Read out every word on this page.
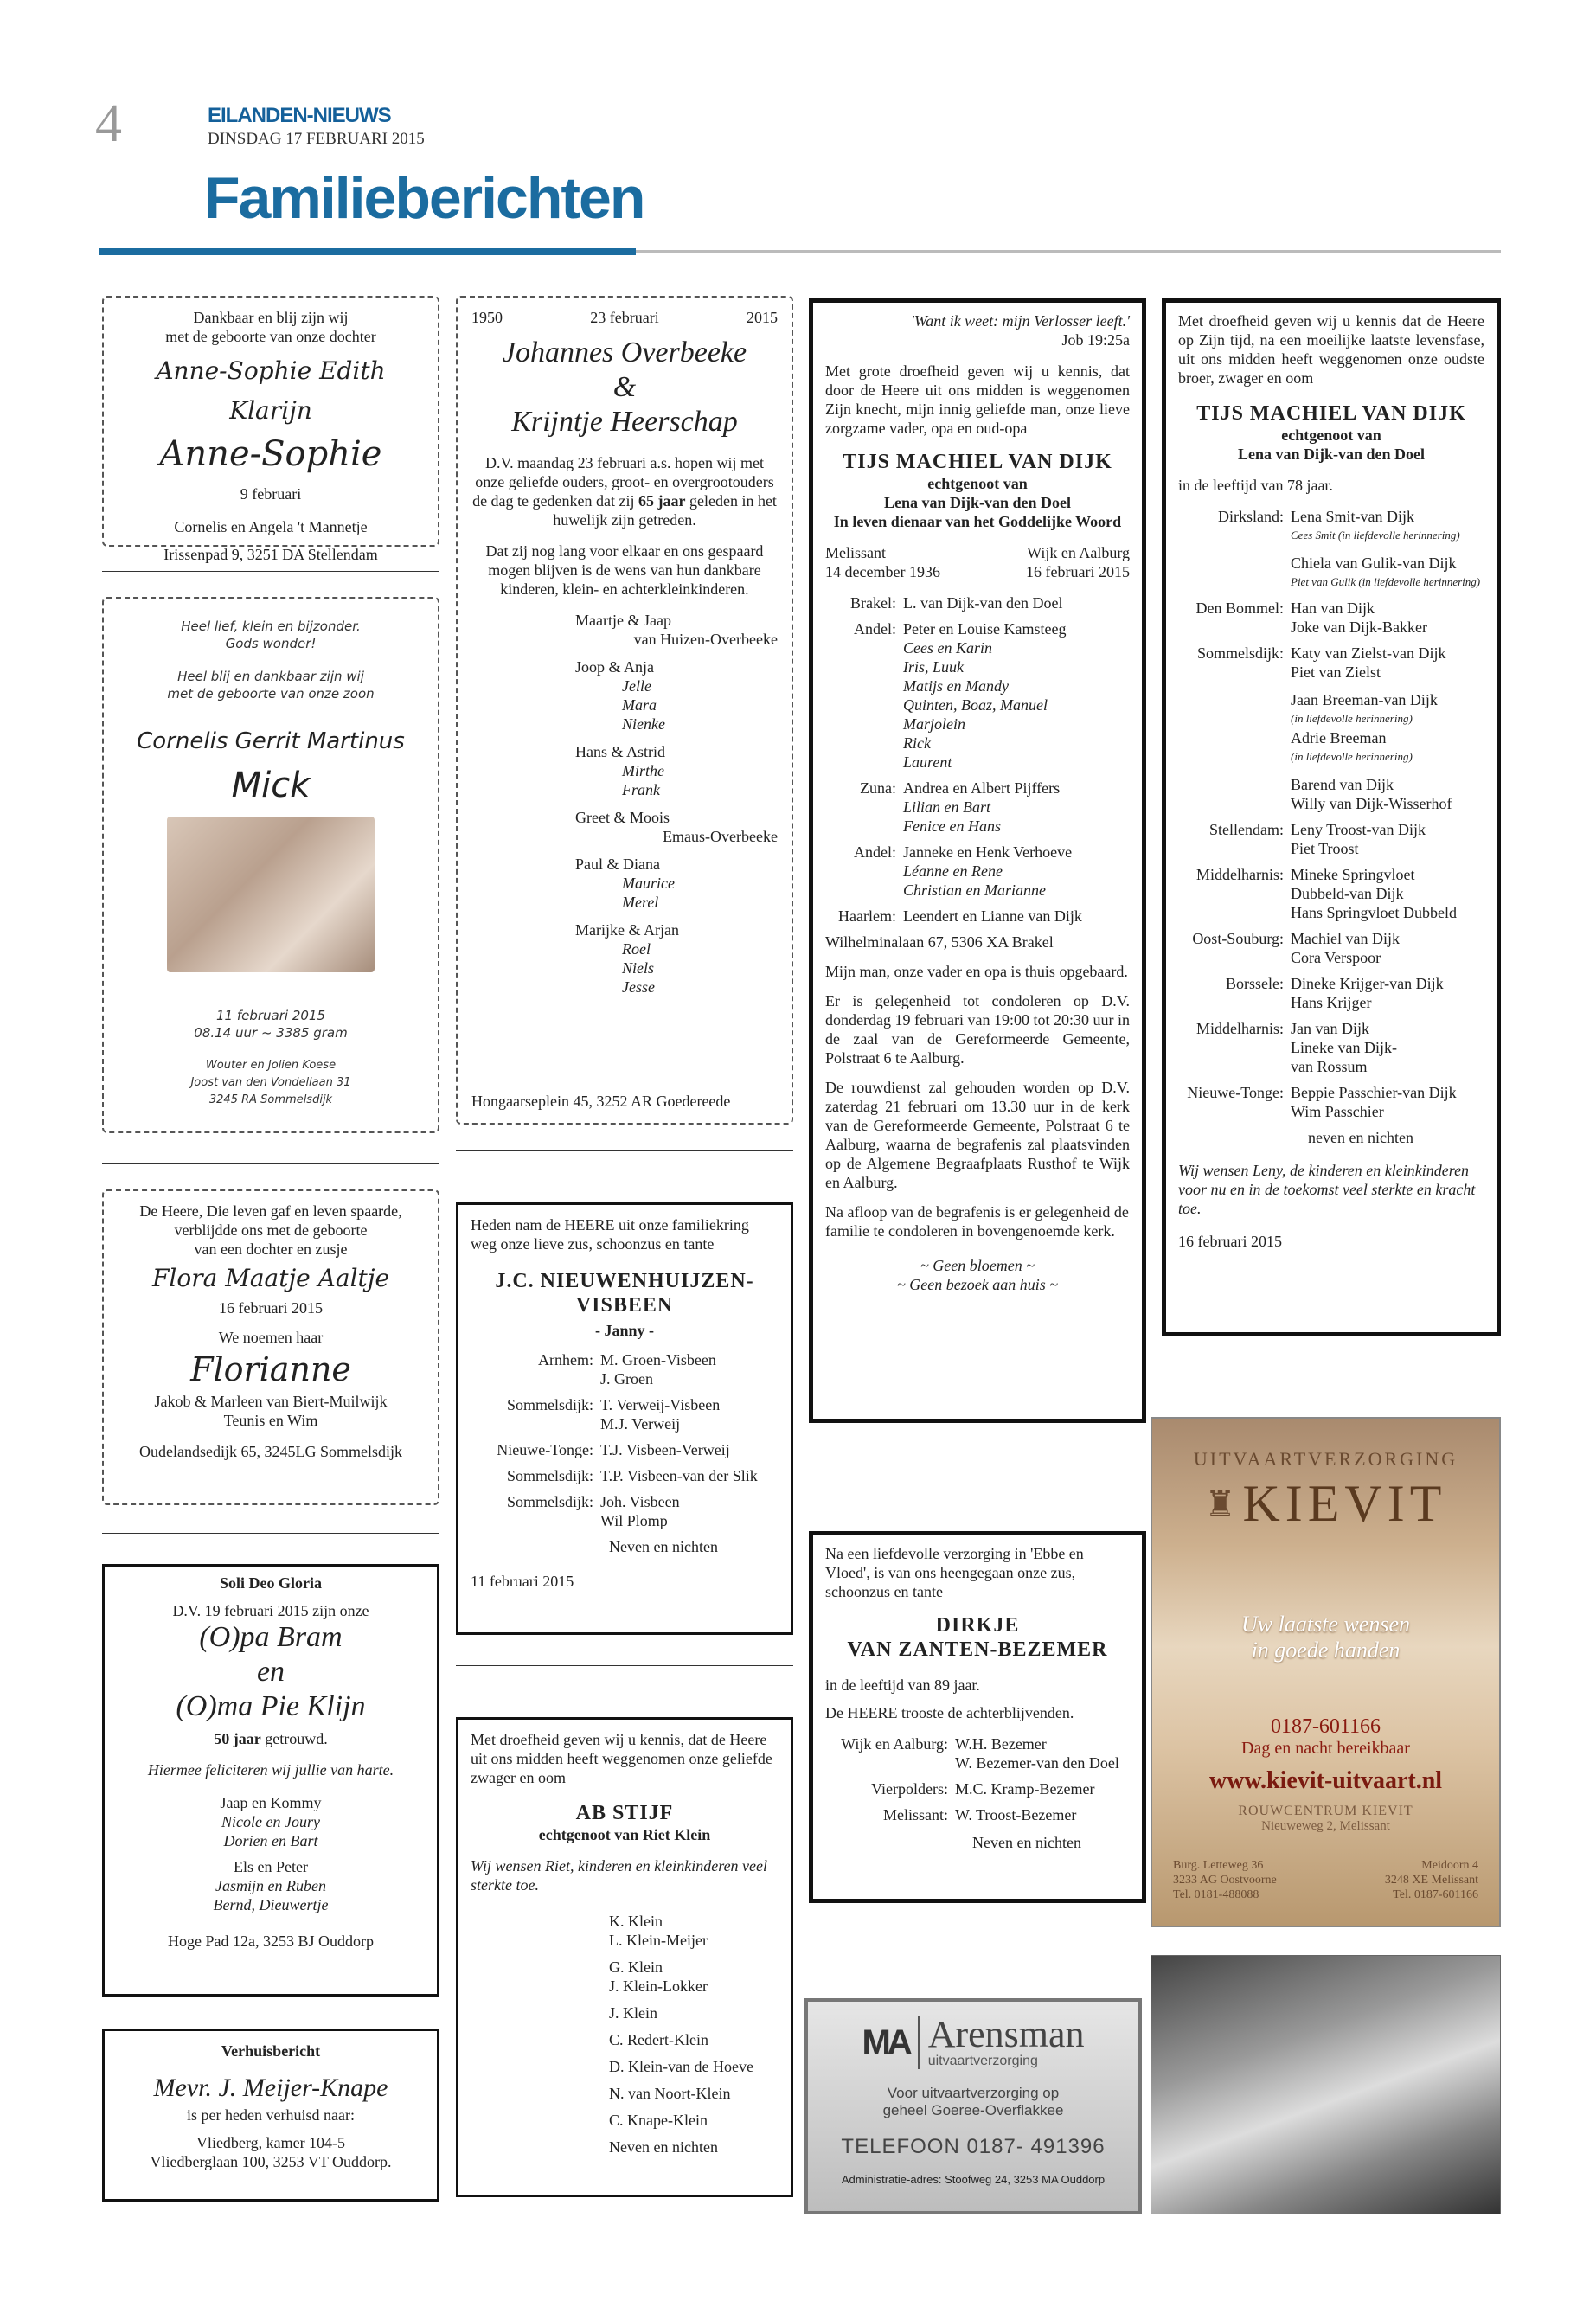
4	EILANDEN-NIEUWS
DINSDAG 17 FEBRUARI 2015
Familieberichten
Dankbaar en blij zijn wij
met de geboorte van onze dochter
Anne-Sophie Edith Klarijn
Anne-Sophie
9 februari
Cornelis en Angela 't Mannetje
Irissenpad 9, 3251 DA Stellendam
Heel lief, klein en bijzonder.
Gods wonder!
Heel blij en dankbaar zijn wij
met de geboorte van onze zoon
Cornelis Gerrit Martinus
Mick
11 februari 2015
08.14 uur ~ 3385 gram
Wouter en Jolien Koese
Joost van den Vondellaan 31
3245 RA Sommelsdijk
De Heere, Die leven gaf en leven spaarde,
verblijdde ons met de geboorte
van een dochter en zusje
Flora Maatje Aaltje
16 februari 2015
We noemen haar
Florianne
Jakob & Marleen van Biert-Muilwijk
Teunis en Wim
Oudelandsedijk 65, 3245LG Sommelsdijk
Soli Deo Gloria
D.V. 19 februari 2015 zijn onze
(O)pa Bram
en
(O)ma Pie Klijn
50 jaar getrouwd.
Hiermee feliciteren wij jullie van harte.
Jaap en Kommy
Nicole en Joury
Dorien en Bart
Els en Peter
Jasmijn en Ruben
Bernd, Dieuwertje
Hoge Pad 12a, 3253 BJ Ouddorp
Verhuisbericht
Mevr. J. Meijer-Knape
is per heden verhuisd naar:
Vliedberg, kamer 104-5
Vliedberglaan 100, 3253 VT Ouddorp.
1950	23 februari	2015
Johannes Overbeeke
&
Krijntje Heerschap
D.V. maandag 23 februari a.s. hopen wij met onze geliefde ouders, groot- en overgrootouders de dag te gedenken dat zij 65 jaar geleden in het huwelijk zijn getreden.
Dat zij nog lang voor elkaar en ons gespaard mogen blijven is de wens van hun dankbare kinderen, klein- en achterkleinkinderen.
Maartje & Jaap
van Huizen-Overbeeke
Joop & Anja
Jelle
Mara
Nienke
Hans & Astrid
Mirthe
Frank
Greet & Moois
Emaus-Overbeeke
Paul & Diana
Maurice
Merel
Marijke & Arjan
Roel
Niels
Jesse
Hongaarseplein 45, 3252 AR Goedereede
Heden nam de HEERE uit onze familiekring weg onze lieve zus, schoonzus en tante
J.C. NIEUWENHUIJZEN-VISBEEN
- Janny -
Arnhem: M. Groen-Visbeen
J. Groen
Sommelsdijk: T. Verweij-Visbeen
M.J. Verweij
Nieuwe-Tonge: T.J. Visbeen-Verweij
Sommelsdijk: T.P. Visbeen-van der Slik
Sommelsdijk: Joh. Visbeen
Wil Plomp
Neven en nichten
11 februari 2015
Met droefheid geven wij u kennis, dat de Heere uit ons midden heeft weggenomen onze geliefde zwager en oom
AB STIJF
echtgenoot van Riet Klein
Wij wensen Riet, kinderen en kleinkinderen veel sterkte toe.
K. Klein
L. Klein-Meijer
G. Klein
J. Klein-Lokker
J. Klein
C. Redert-Klein
D. Klein-van de Hoeve
N. van Noort-Klein
C. Knape-Klein
Neven en nichten
'Want ik weet: mijn Verlosser leeft.'
Job 19:25a
Met grote droefheid geven wij u kennis, dat door de Heere uit ons midden is weggenomen Zijn knecht, mijn innig geliefde man, onze lieve zorgzame vader, opa en oud-opa
TIJS MACHIEL VAN DIJK
echtgenoot van
Lena van Dijk-van den Doel
In leven dienaar van het Goddelijke Woord
Melissant	Wijk en Aalburg
14 december 1936	16 februari 2015
Brakel: L. van Dijk-van den Doel
Andel: Peter en Louise Kamsteeg
Cees en Karin
Iris, Luuk
Matijs en Mandy
Quinten, Boaz, Manuel
Marjolein
Rick
Laurent
Zuna: Andrea en Albert Pijffers
Lilian en Bart
Fenice en Hans
Andel: Janneke en Henk Verhoeve
Léanne en Rene
Christian en Marianne
Haarlem: Leendert en Lianne van Dijk
Wilhelminalaan 67, 5306 XA Brakel
Mijn man, onze vader en opa is thuis opgebaard.
Er is gelegenheid tot condoleren op D.V. donderdag 19 februari van 19:00 tot 20:30 uur in de zaal van de Gereformeerde Gemeente, Polstraat 6 te Aalburg.
De rouwdienst zal gehouden worden op D.V. zaterdag 21 februari om 13.30 uur in de kerk van de Gereformeerde Gemeente, Polstraat 6 te Aalburg, waarna de begrafenis zal plaatsvinden op de Algemene Begraafplaats Rusthof te Wijk en Aalburg.
Na afloop van de begrafenis is er gelegenheid de familie te condoleren in bovengenoemde kerk.
~ Geen bloemen ~
~ Geen bezoek aan huis ~
Na een liefdevolle verzorging in 'Ebbe en Vloed', is van ons heengegaan onze zus, schoonzus en tante
DIRKJE
VAN ZANTEN-BEZEMER
in de leeftijd van 89 jaar.
De HEERE trooste de achterblijvenden.
Wijk en Aalburg: W.H. Bezemer
W. Bezemer-van den Doel
Vierpolders: M.C. Kramp-Bezemer
Melissant: W. Troost-Bezemer
Neven en nichten
MA Arensman
uitvaartverzorging
Voor uitvaartverzorging op
geheel Goeree-Overflakkee
TELEFOON 0187- 491396
Administratie-adres: Stoofweg 24, 3253 MA Ouddorp
Met droefheid geven wij u kennis dat de Heere op Zijn tijd, na een moeilijke laatste levensfase, uit ons midden heeft weggenomen onze oudste broer, zwager en oom
TIJS MACHIEL VAN DIJK
echtgenoot van
Lena van Dijk-van den Doel
in de leeftijd van 78 jaar.
Dirksland: Lena Smit-van Dijk
Cees Smit (in liefdevolle herinnering)
Chiela van Gulik-van Dijk
Piet van Gulik (in liefdevolle herinnering)
Den Bommel: Han van Dijk
Joke van Dijk-Bakker
Sommelsdijk: Katy van Zielst-van Dijk
Piet van Zielst
Jaan Breeman-van Dijk
(in liefdevolle herinnering)
Adrie Breeman
(in liefdevolle herinnering)
Barend van Dijk
Willy van Dijk-Wisserhof
Stellendam: Leny Troost-van Dijk
Piet Troost
Middelharnis: Mineke Springvloet
Dubbeld-van Dijk
Hans Springvloet Dubbeld
Oost-Souburg: Machiel van Dijk
Cora Verspoor
Borssele: Dineke Krijger-van Dijk
Hans Krijger
Middelharnis: Jan van Dijk
Lineke van Dijk-
van Rossum
Nieuwe-Tonge: Beppie Passchier-van Dijk
Wim Passchier
neven en nichten
Wij wensen Leny, de kinderen en kleinkinderen voor nu en in de toekomst veel sterkte en kracht toe.
16 februari 2015
UITVAARTVERZORGING
♜ KIEVIT
Uw laatste wensen
in goede handen
0187-601166
Dag en nacht bereikbaar
www.kievit-uitvaart.nl
ROUWCENTRUM KIEVIT
Nieuweweg 2, Melissant
Burg. Letteweg 36
3233 AG Oostvoorne
Tel. 0181-488088
Meidoorn 4
3248 XE Melissant
Tel. 0187-601166
